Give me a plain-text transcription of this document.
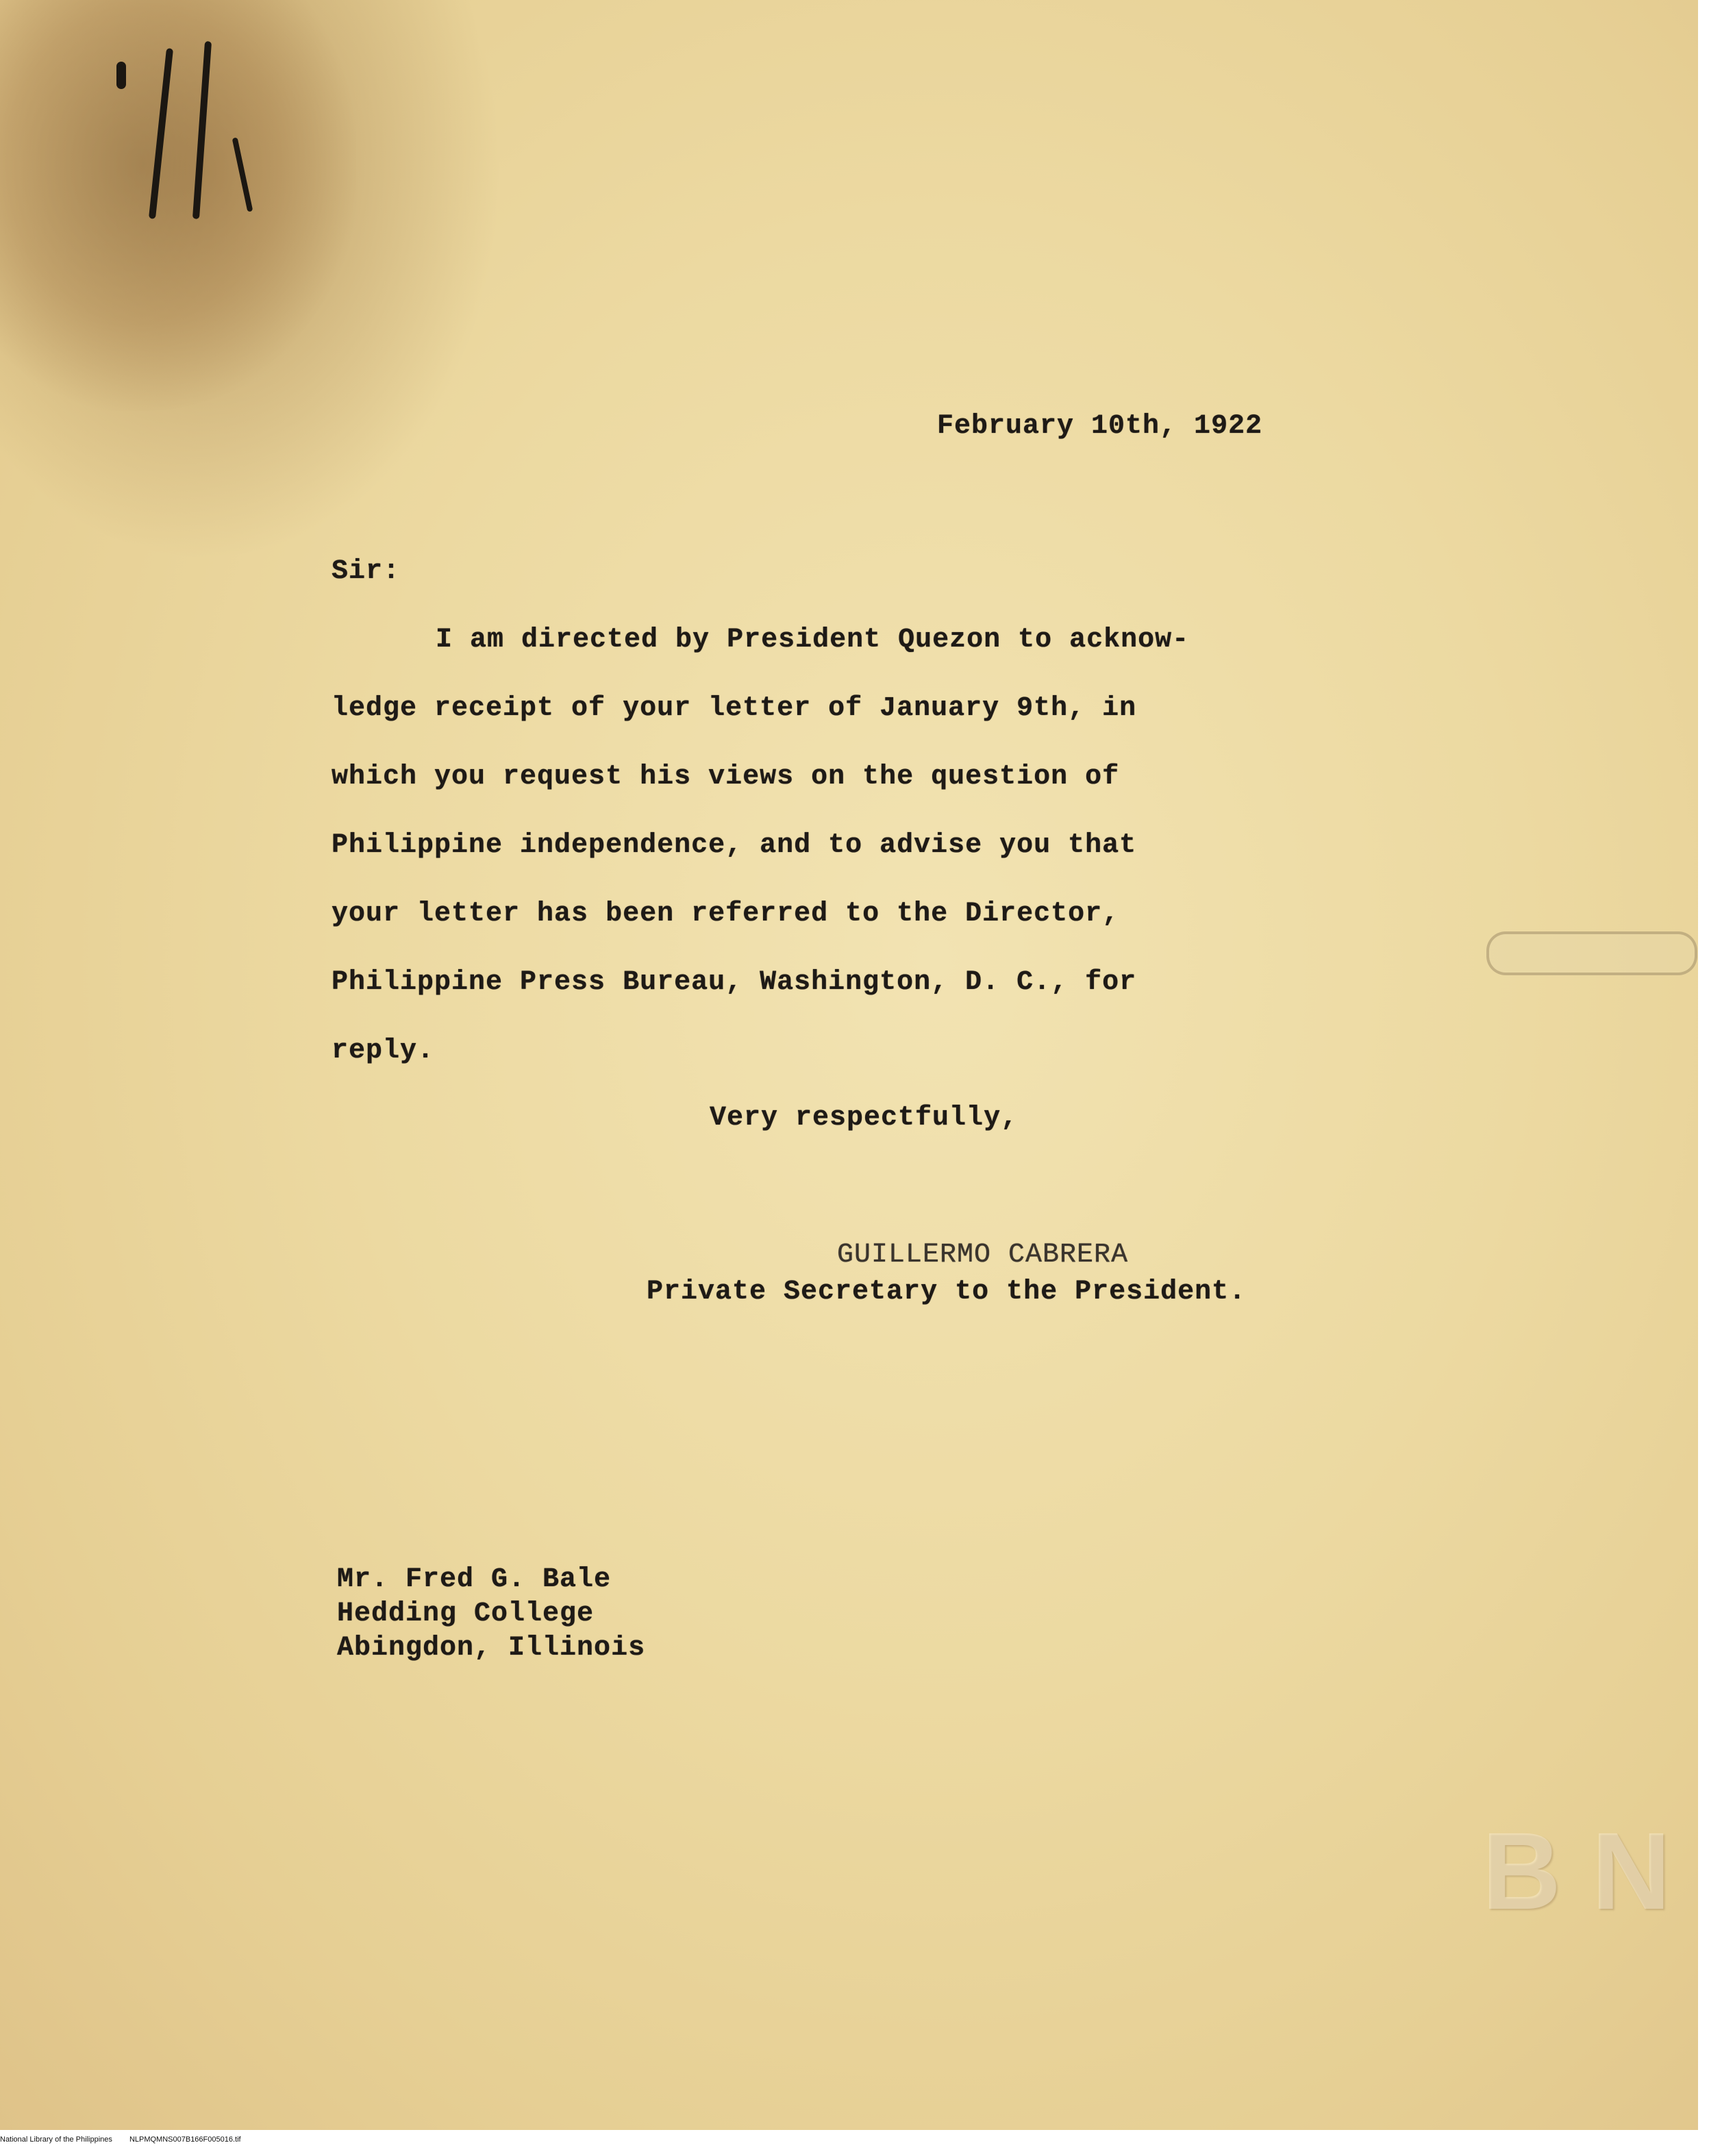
February 10th, 1922
Sir:
I am directed by President Quezon to acknow-
ledge receipt of your letter of January 9th, in
which you request his views on the question of
Philippine independence, and to advise you that
your letter has been referred to the Director,
Philippine Press Bureau, Washington, D. C., for
reply.
Very respectfully,
GUILLERMO CABRERA
Private Secretary to the President.
Mr. Fred G. Bale
Hedding College
Abingdon, Illinois
B N
National Library of the Philippines NLPMQMNS007B166F005016.tif
